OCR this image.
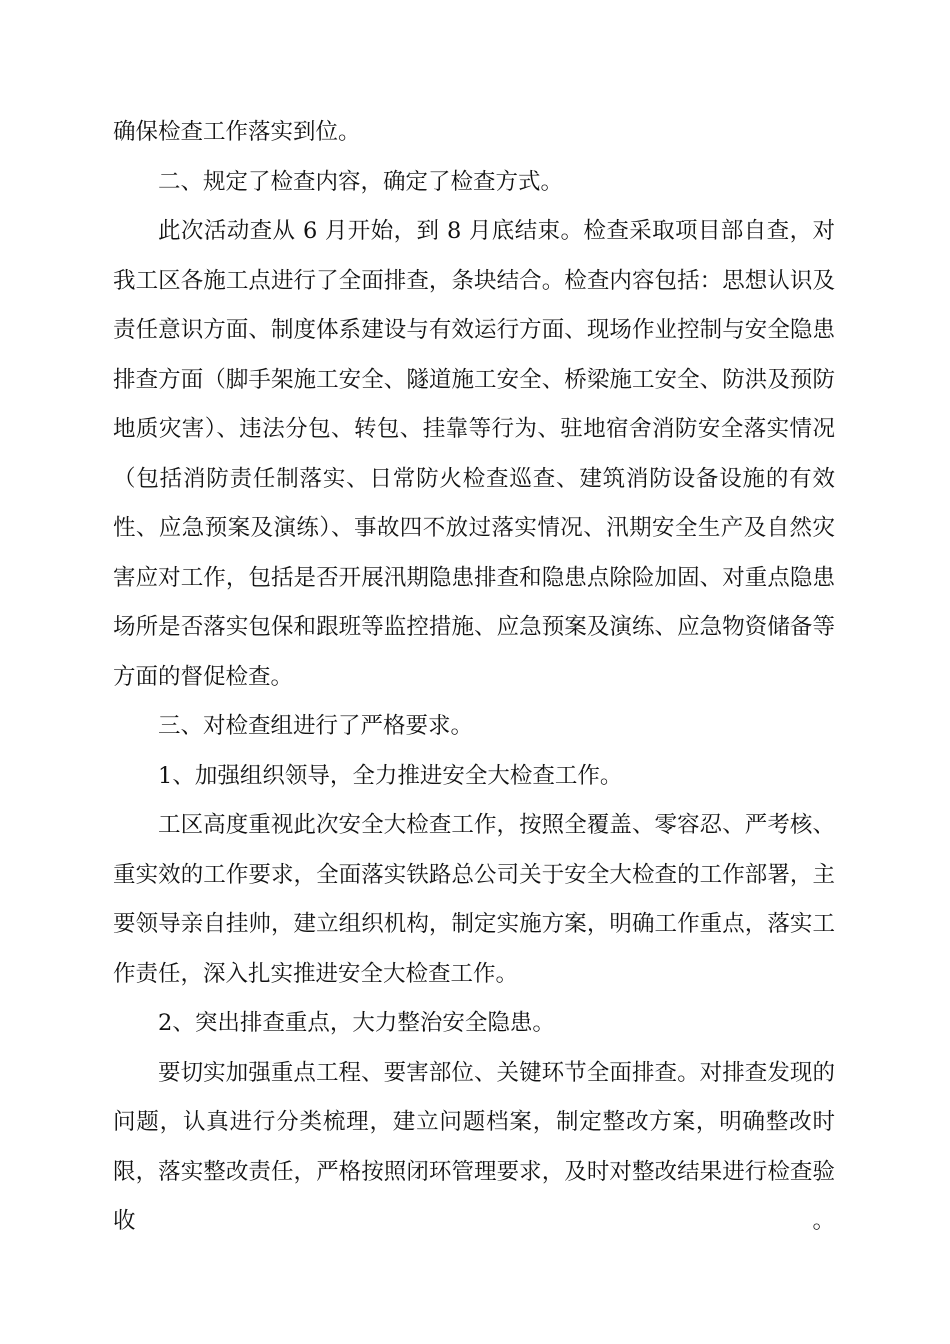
确保检查工作落实到位。

二、规定了检查内容，确定了检查方式。

此次活动查从 6 月开始，到 8 月底结束。检查采取项目部自查，对我工区各施工点进行了全面排查，条块结合。检查内容包括：思想认识及责任意识方面、制度体系建设与有效运行方面、现场作业控制与安全隐患排查方面（脚手架施工安全、隧道施工安全、桥梁施工安全、防洪及预防地质灾害）、违法分包、转包、挂靠等行为、驻地宿舍消防安全落实情况（包括消防责任制落实、日常防火检查巡查、建筑消防设备设施的有效性、应急预案及演练）、事故四不放过落实情况、汛期安全生产及自然灾害应对工作，包括是否开展汛期隐患排查和隐患点除险加固、对重点隐患场所是否落实包保和跟班等监控措施、应急预案及演练、应急物资储备等方面的督促检查。

三、对检查组进行了严格要求。

1、加强组织领导，全力推进安全大检查工作。

工区高度重视此次安全大检查工作，按照全覆盖、零容忍、严考核、重实效的工作要求，全面落实铁路总公司关于安全大检查的工作部署，主要领导亲自挂帅，建立组织机构，制定实施方案，明确工作重点，落实工作责任，深入扎实推进安全大检查工作。

2、突出排查重点，大力整治安全隐患。

要切实加强重点工程、要害部位、关键环节全面排查。对排查发现的问题，认真进行分类梳理，建立问题档案，制定整改方案，明确整改时限，落实整改责任，严格按照闭环管理要求，及时对整改结果进行检查验收。
